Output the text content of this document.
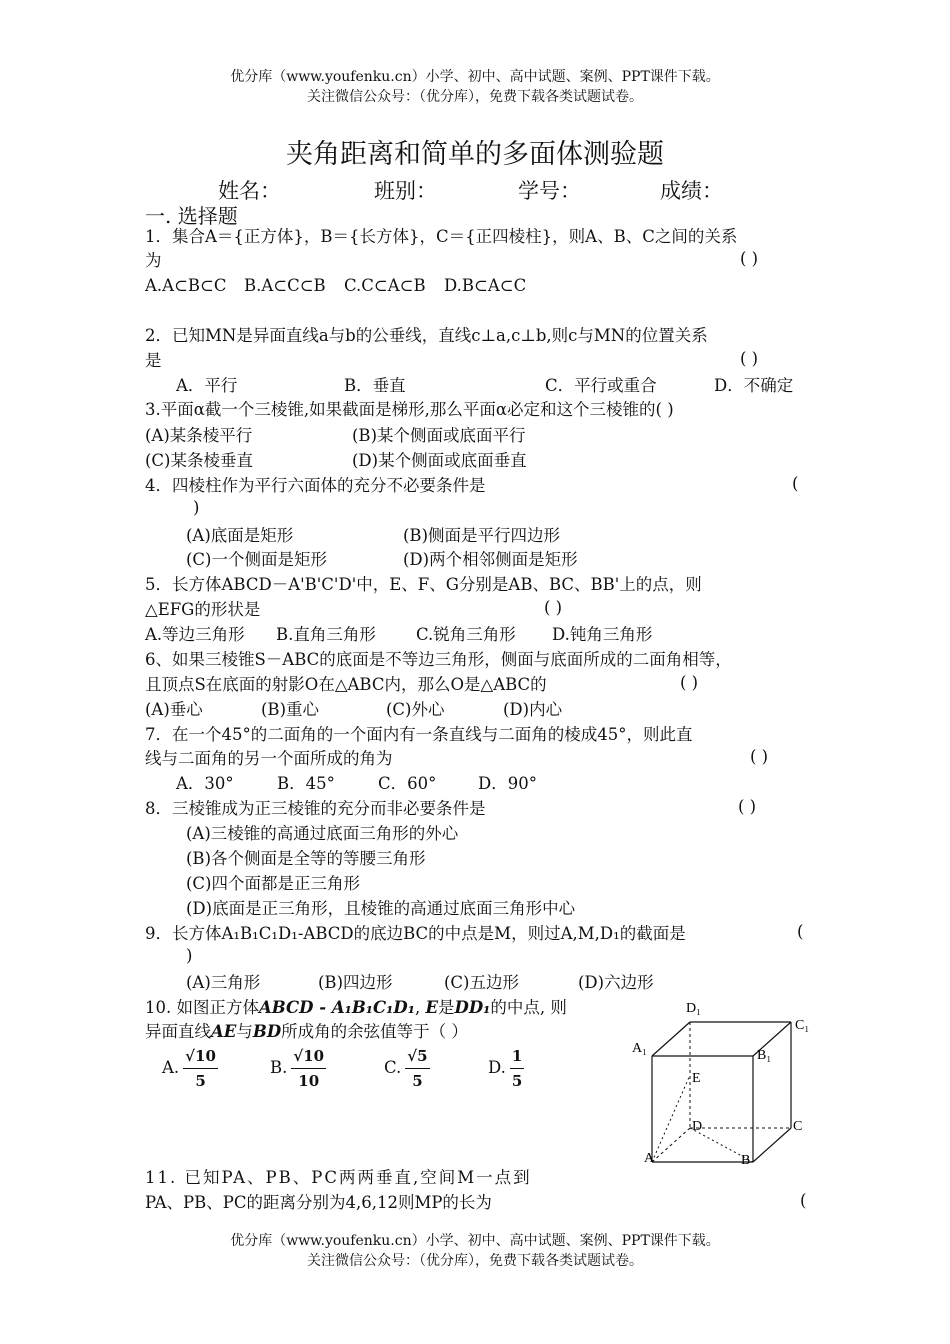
优分库（www.youfenku.cn）小学、初中、高中试题、案例、PPT课件下载。
关注微信公众号：（优分库），免费下载各类试题试卷。
夹角距离和简单的多面体测验题
姓名：	班别：	学号：	成绩：
一. 选择题
1．集合A＝{正方体}，B＝{长方体}，C＝{正四棱柱}，则A、B、C之间的关系
为	( )
A.A⊂B⊂C B.A⊂C⊂B C.C⊂A⊂B D.B⊂A⊂C
2．已知MN是异面直线a与b的公垂线，直线c⊥a,c⊥b,则c与MN的位置关系
是	( )
A．平行	B．垂直	C．平行或重合	D．不确定
3.平面α截一个三棱锥,如果截面是梯形,那么平面α必定和这个三棱锥的( )
(A)某条棱平行	(B)某个侧面或底面平行
(C)某条棱垂直	(D)某个侧面或底面垂直
4．四棱柱作为平行六面体的充分不必要条件是	(
)
(A)底面是矩形	(B)侧面是平行四边形
(C)一个侧面是矩形	(D)两个相邻侧面是矩形
5．长方体ABCD－A'B'C'D'中，E、F、G分别是AB、BC、BB'上的点，则
△EFG的形状是	( )
A.等边三角形 B.直角三角形 C.锐角三角形 D.钝角三角形
6、如果三棱锥S－ABC的底面是不等边三角形，侧面与底面所成的二面角相等，
且顶点S在底面的射影O在△ABC内，那么O是△ABC的	( )
(A)垂心	(B)重心	(C)外心	(D)内心
7．在一个45°的二面角的一个面内有一条直线与二面角的棱成45°，则此直
线与二面角的另一个面所成的角为	( )
A．30°	B．45°	C．60°	D．90°
8．三棱锥成为正三棱锥的充分而非必要条件是	( )
(A)三棱锥的高通过底面三角形的外心
(B)各个侧面是全等的等腰三角形
(C)四个面都是正三角形
(D)底面是正三角形，且棱锥的高通过底面三角形中心
9．长方体A₁B₁C₁D₁-ABCD的底边BC的中点是M，则过A,M,D₁的截面是	(
)
(A)三角形	(B)四边形	(C)五边形	(D)六边形
10. 如图正方体ABCD - A₁B₁C₁D₁, E是DD₁的中点, 则
异面直线AE与BD所成角的余弦值等于（ ）
A. $\frac{√10}{5}$	B. $\frac{√10}{10}$	C. $\frac{√5}{5}$	D. $\frac{1}{5}$
D₁
C₁
A₁	B₁
E
D	C
A	B
11. 已知PA、PB、PC两两垂直,空间M一点到
PA、PB、PC的距离分别为4,6,12则MP的长为	(
优分库（www.youfenku.cn）小学、初中、高中试题、案例、PPT课件下载。
关注微信公众号：（优分库），免费下载各类试题试卷。
